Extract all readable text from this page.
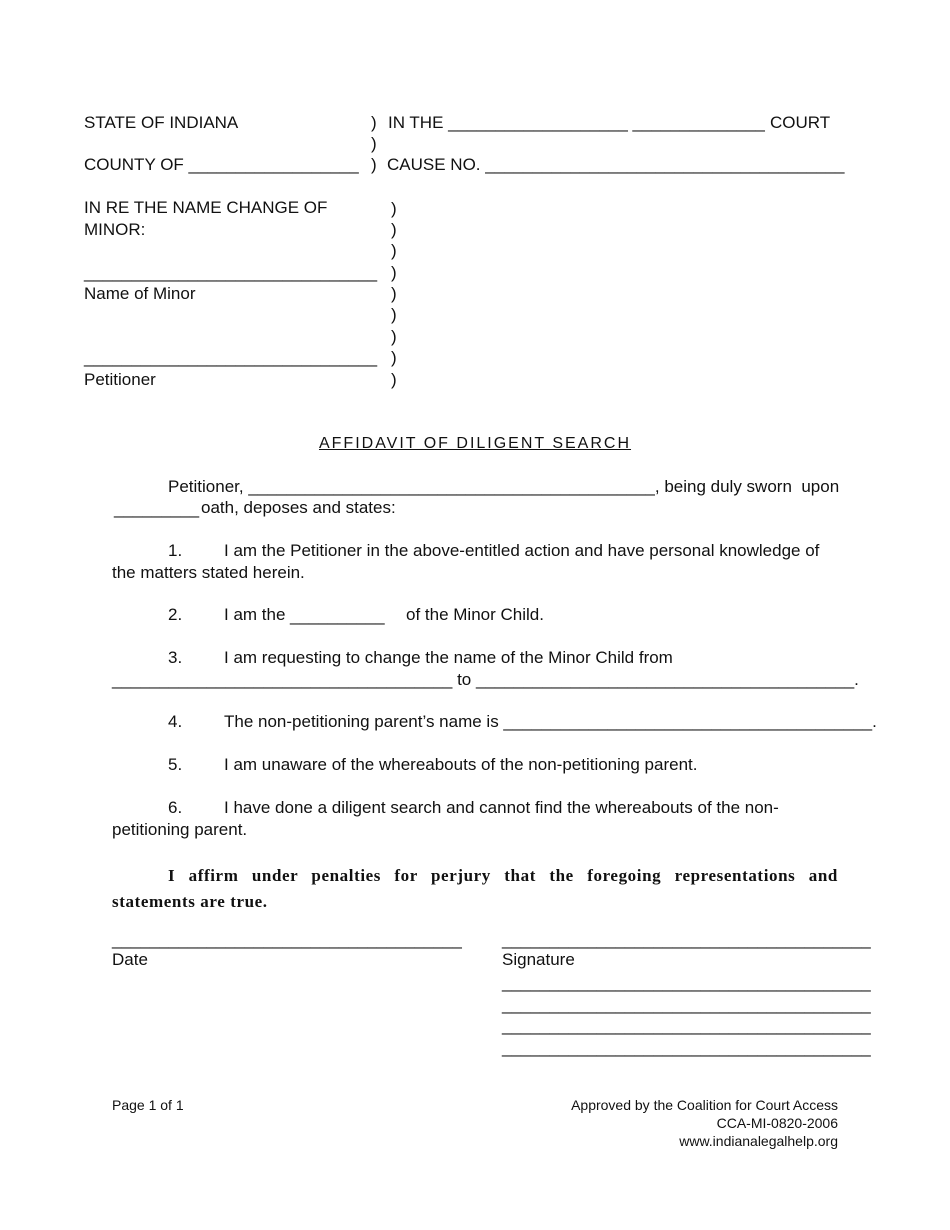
STATE OF INDIANA	) IN THE ___________________ ______________ COURT
)
COUNTY OF __________________ ) CAUSE NO. ______________________________________
IN RE THE NAME CHANGE OF
MINOR:
_______________________________
Name of Minor
_______________________________
Petitioner
)
)
)
)
)
)
)
)
)
AFFIDAVIT OF DILIGENT SEARCH
Petitioner, ___________________________________________, being duly sworn  upon
_________ oath, deposes and states:
1. I am the Petitioner in the above-entitled action and have personal knowledge of
the matters stated herein.
2. I am the __________ of the Minor Child.
3. I am requesting to change the name of the Minor Child from
____________________________________ to ________________________________________.
4. The non-petitioning parent’s name is _______________________________________.
5. I am unaware of the whereabouts of the non-petitioning parent.
6. I have done a diligent search and cannot find the whereabouts of the non-
petitioning parent.
I affirm under penalties for perjury that the foregoing representations and statements are true.
_____________________________________
Date
_______________________________________
Signature
_______________________________________
_______________________________________
_______________________________________
_______________________________________
Page 1 of 1	Approved by the Coalition for Court Access
CCA-MI-0820-2006
www.indianalegalhelp.org
